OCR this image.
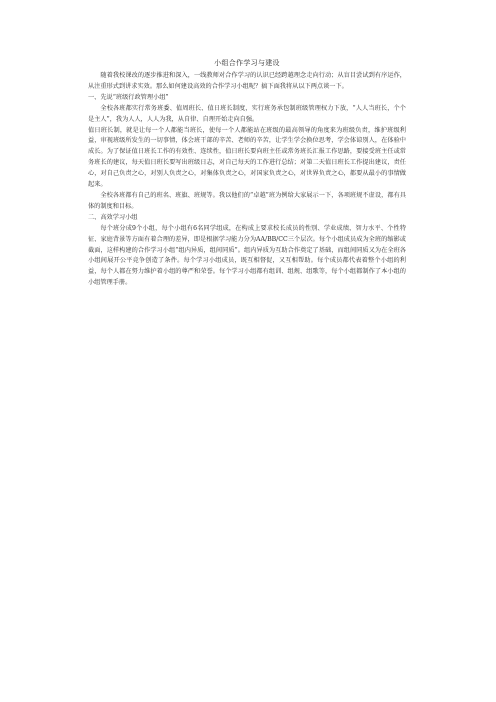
小组合作学习与建设

随着我校课改的逐步推进和深入，一线教师对合作学习的认识已经跨越理念走向行动；从盲目尝试到有序运作，从注重形式到讲求实效。那么如何建设高效的合作学习小组呢？搞下面我将从以下两点谈一下。

一、先说“班级行政管理小组”

全校各班都实行常务班委、值周班长、值日班长制度，实行班务承包制班级管理权力下放，“人人当班长，个个是主人”，我为人人，人人为我，从自律、自理开始走向自强。

值日班长制，就是让每一个人都能当班长，使每一个人都能站在班级的最高领导的角度来为班级负责，维护班级利益，审视班级所发生的一切事情，体会班干部的辛苦、老师的辛苦，让学生学会换位思考，学会体谅别人，在体验中成长。为了保证值日班长工作的有效性、连续性，值日班长要向班主任或常务班长汇报工作思路，要接受班主任或常务班长的建议，每天值日班长要写出班级日志，对自己每天的工作进行总结；对第二天值日班长工作提出建议，责任心，对自己负责之心，对别人负责之心，对集体负责之心，对国家负责之心，对世界负责之心，都要从最小的事情做起来。

全校各班都有自己的班名、班旗、班规等。我以他们的“卓越”班为例给大家展示一下，各项班规不虚设，都有具体的制度和目标。

二、高效学习小组

每个班分成9个小组，每个小组有6名同学组成，在构成上要求校长成员的性别、学业成绩、智力水平、个性特征、家庭背景等方面有着合理的差异，即是根据学习能力分为AA/BB/CC三个层次。每个小组成员成为全班的缩影或截面，这样构建的合作学习小组“组内异质，组间同质”。组内异质为互助合作奠定了基础，而组间同质又为在全班各小组间展开公平竞争创造了条件。每个学习小组成员，既互相督促，又互相帮助。每个成员都代表着整个小组的利益，每个人都在努力维护着小组的尊严和荣誉。每个学习小组都有组训、组规、组歌等，每个小组都制作了本小组的小组管理手册。
